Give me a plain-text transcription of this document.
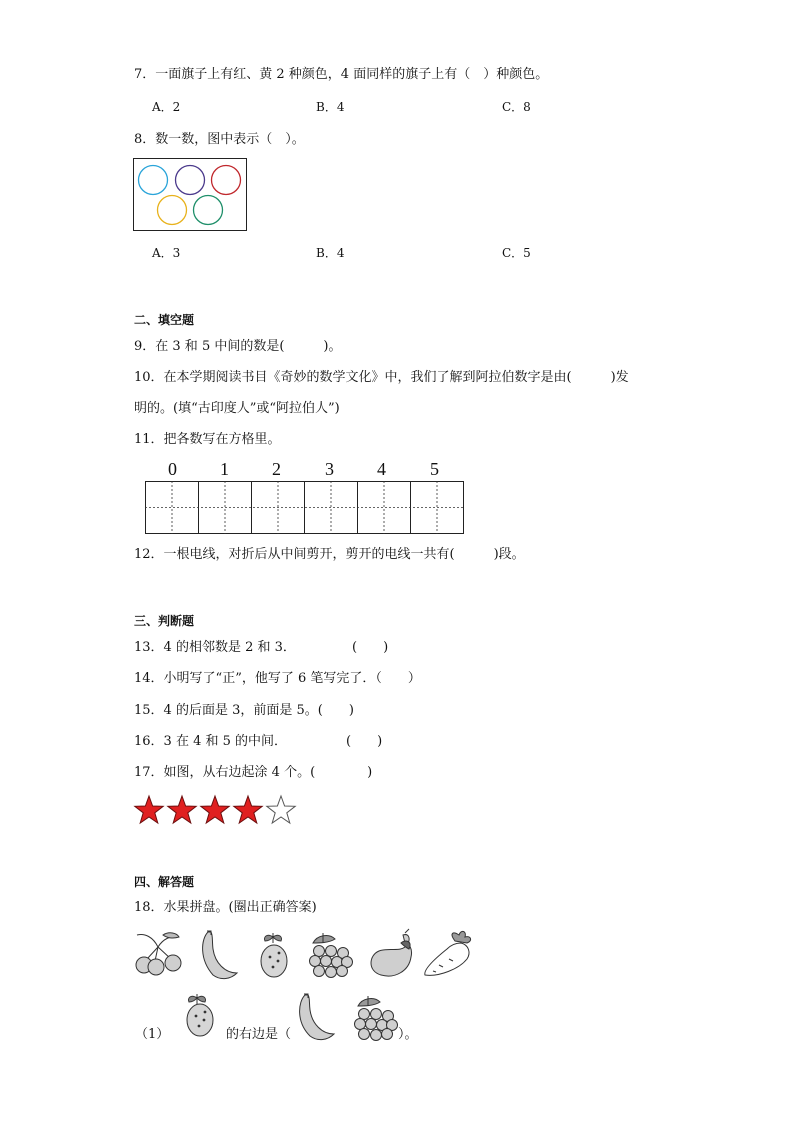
7．一面旗子上有红、黄 2 种颜色，4 面同样的旗子上有（　）种颜色。
A．2	B．4	C．8
8．数一数，图中表示（　）。
A．3	B．4	C．5
二、填空题
9．在 3 和 5 中间的数是(　　　)。
10．在本学期阅读书目《奇妙的数学文化》中，我们了解到阿拉伯数字是由(　　　)发
明的。(填“古印度人”或“阿拉伯人”)
11．把各数写在方格里。
0 1 2 3 4 5
12．一根电线，对折后从中间剪开，剪开的电线一共有(　　　)段。
三、判断题
13．4 的相邻数是 2 和 3．	(　　)
14．小明写了“正”，他写了 6 笔写完了．（　　）
15．4 的后面是 3，前面是 5。(　　)
16．3 在 4 和 5 的中间．	(　　)
17．如图，从右边起涂 4 个。(　　　　)
四、解答题
18．水果拼盘。(圈出正确答案)
（1）	的右边是（	）。
